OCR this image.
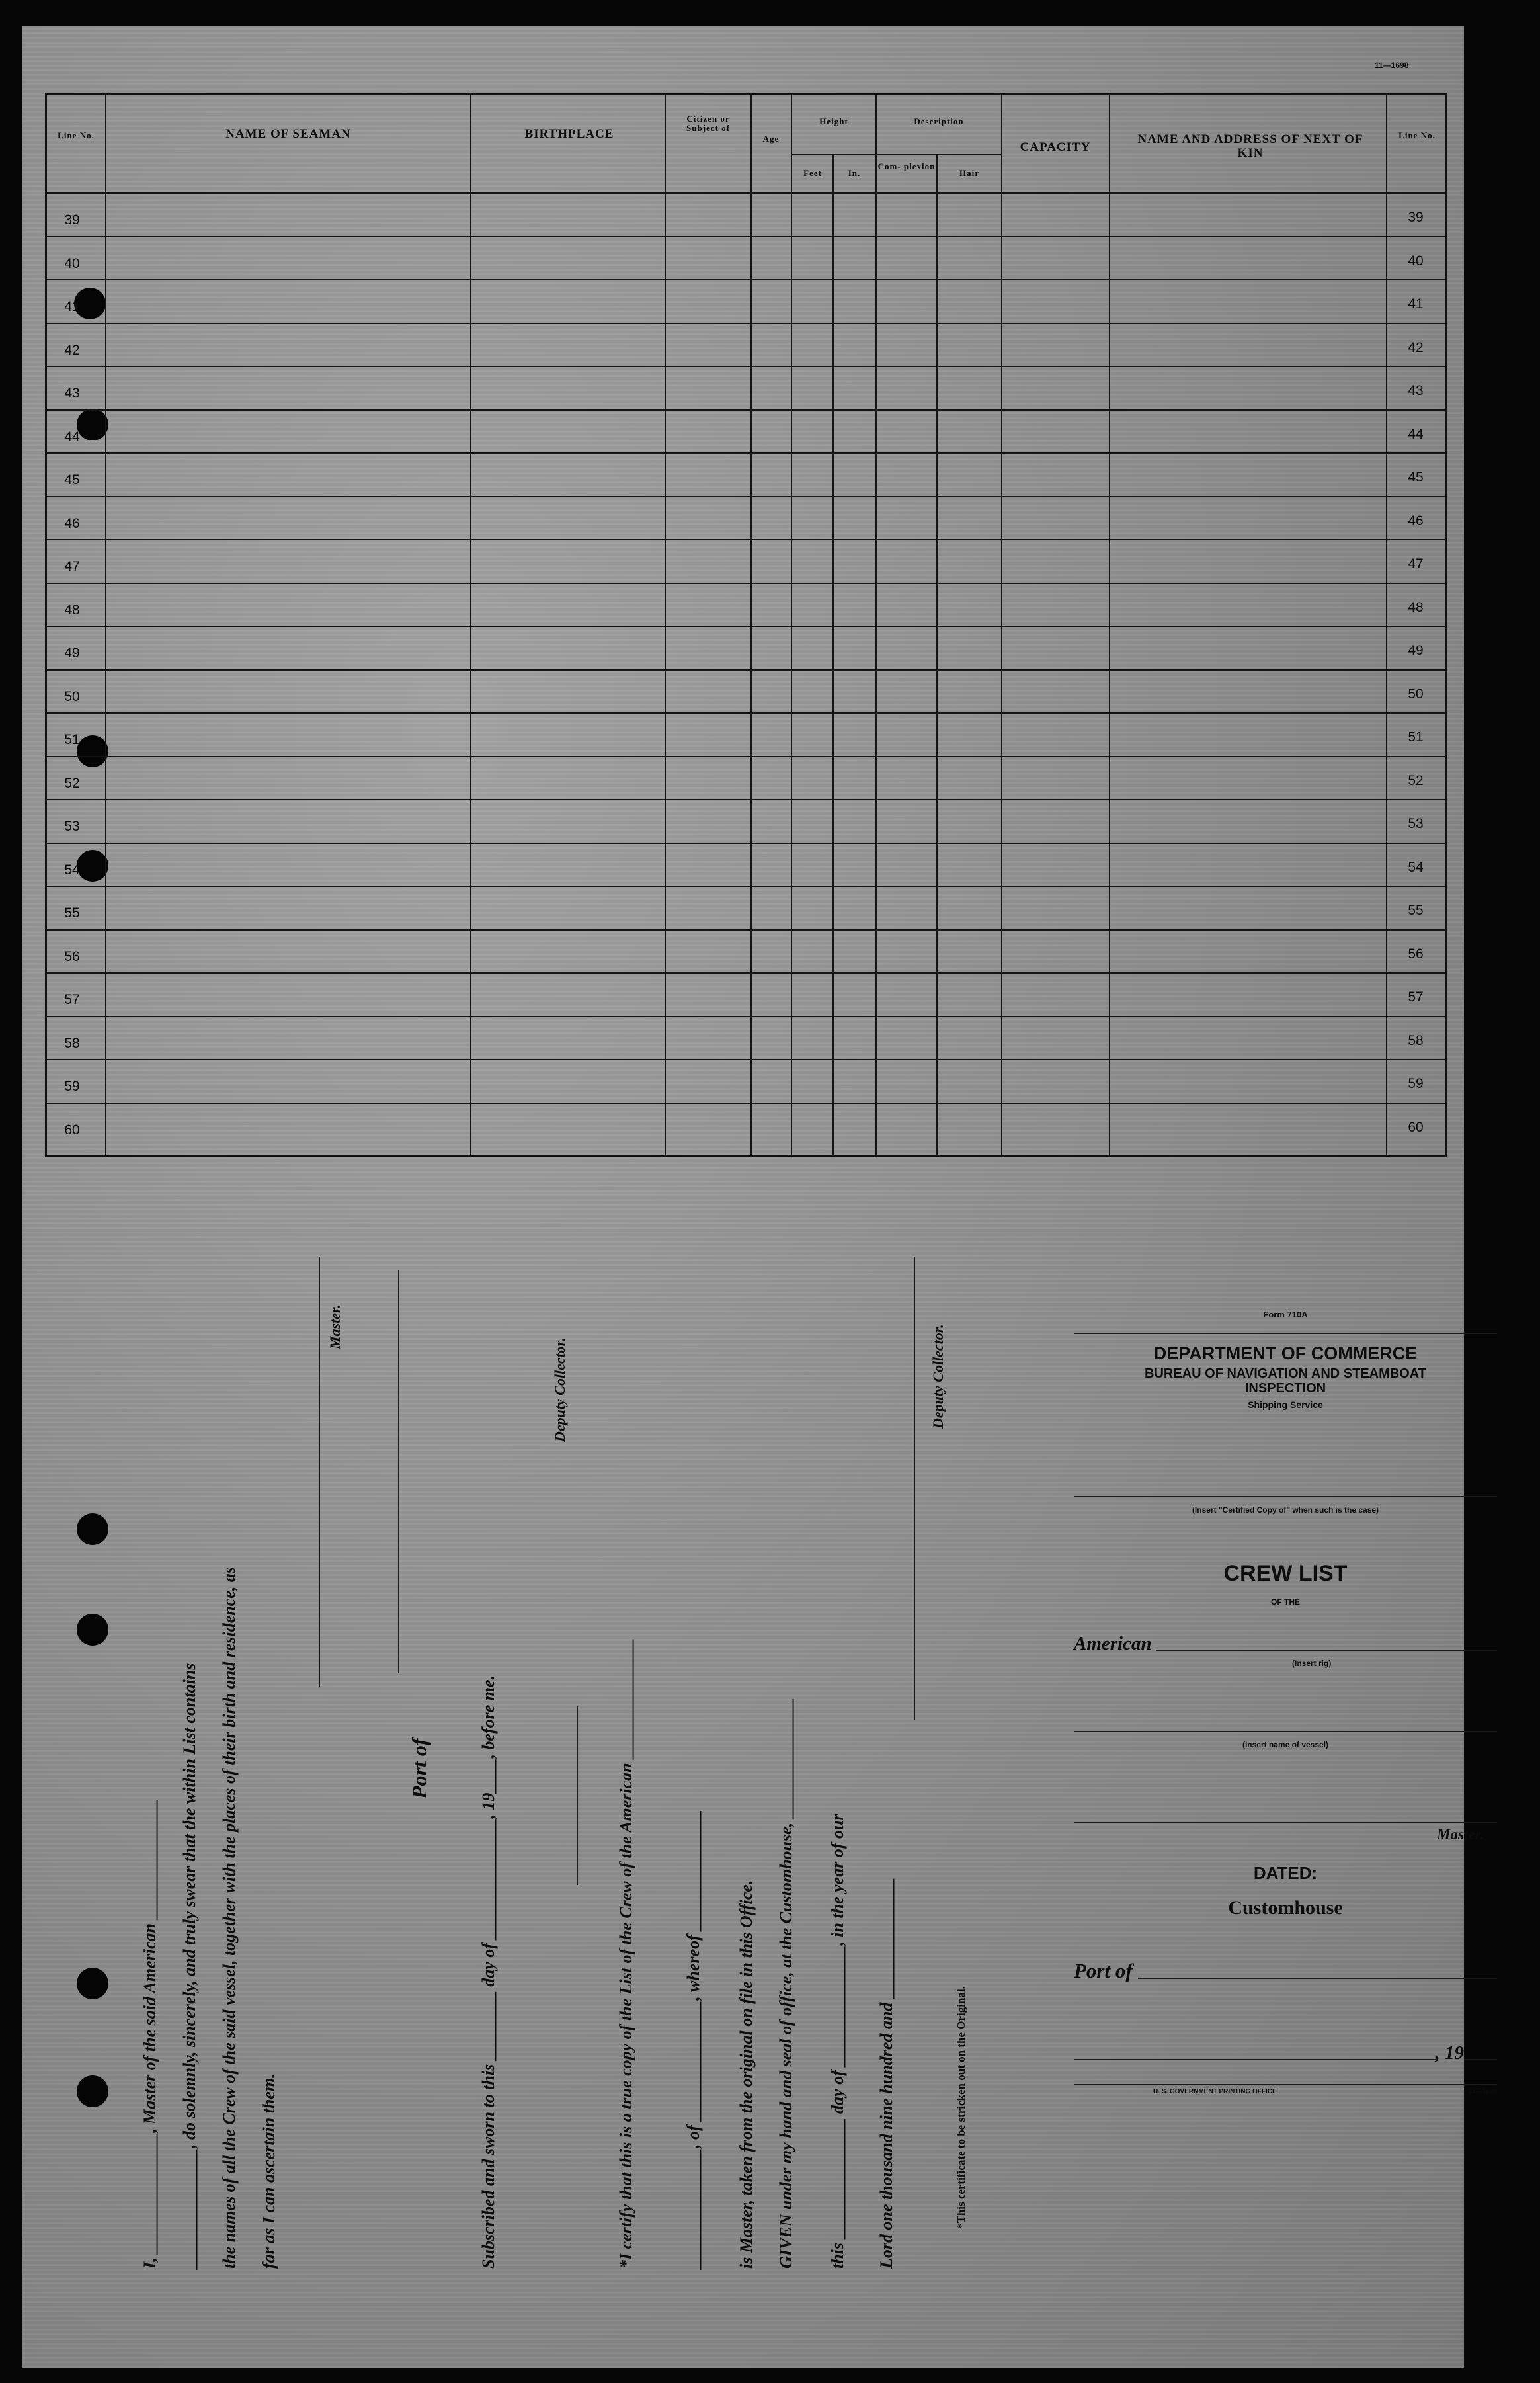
11—1698
Line No.	NAME OF SEAMAN	BIRTHPLACE
Citizen or Subject of
Age
Height
Feet	In.
Description
Com- plexion
Hair
CAPACITY
NAME AND ADDRESS OF NEXT OF KIN
Line No.
39	39
40	40
41	41
42	42
43	43
44	44
45	45
46	46
47	47
48	48
49	49
50	50
51	51
52	52
53	53
54	54
55	55
56	56
57	57
58	58
59	59
60	60
I, ______________, Master of the said American ______________ ______________, do solemnly, sincerely, and truly swear that the within List contains the names of all the Crew of the said vessel, together with the places of their birth and residence, as far as I can ascertain them.
Master.
Port of	Subscribed and sworn to this ________ day of ______________, 19____, before me.
Deputy Collector.
*I certify that this is a true copy of the List of the Crew of the American ______________	______________, of ______________, whereof ______________ is Master, taken from the original on file in this Office. GIVEN under my hand and seal of office, at the Customhouse, ______________ this ______________ day of ______________, in the year of our Lord one thousand nine hundred and ______________
Deputy Collector.
*This certificate to be stricken out on the Original.
Form 710A
DEPARTMENT OF COMMERCE
BUREAU OF NAVIGATION AND STEAMBOAT INSPECTION
Shipping Service
(Insert "Certified Copy of" when such is the case)
CREW LIST
OF THE
American
(Insert rig)
(Insert name of vessel)
Master.
DATED:
Customhouse
Port of
, 19
U. S. GOVERNMENT PRINTING OFFICE	11—1698
